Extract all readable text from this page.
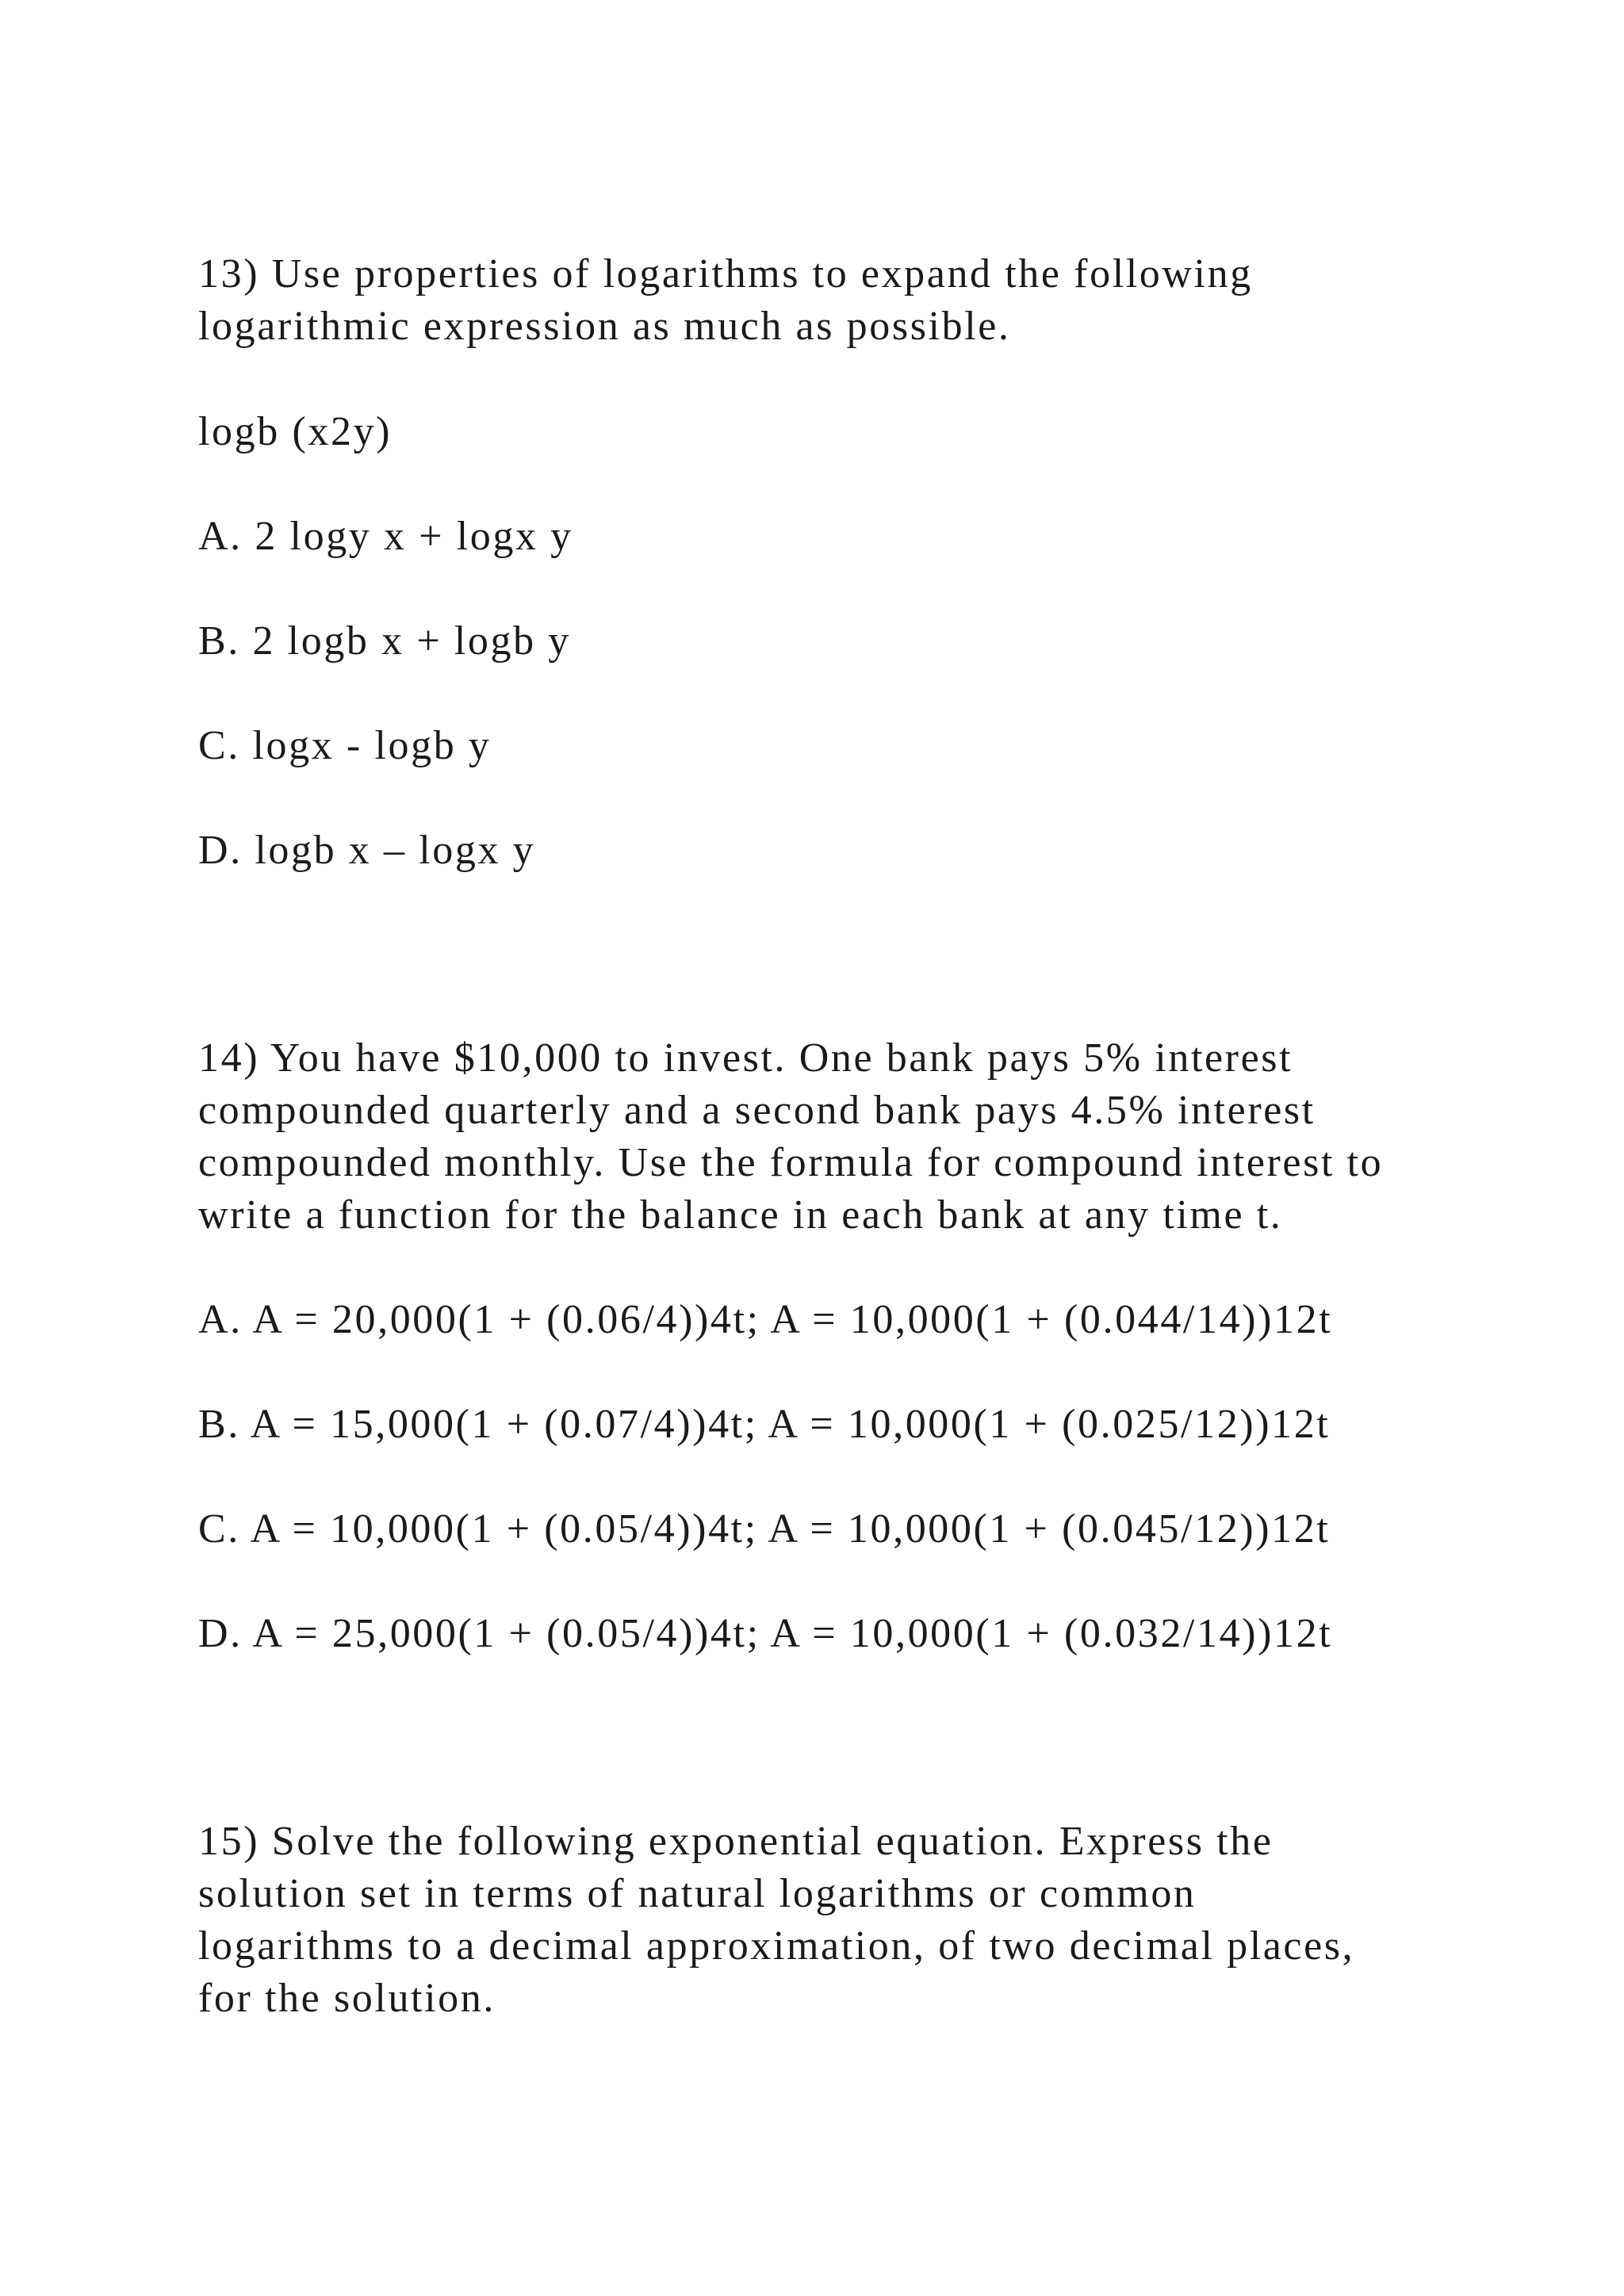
13) Use properties of logarithms to expand the following

logarithmic expression as much as possible.

logb (x2y)

A. 2 logy x + logx y

B. 2 logb x + logb y

C. logx - logb y

D. logb x – logx y

14) You have $10,000 to invest. One bank pays 5% interest

compounded quarterly and a second bank pays 4.5% interest

compounded monthly. Use the formula for compound interest to

write a function for the balance in each bank at any time t.

A. A = 20,000(1 + (0.06/4))4t; A = 10,000(1 + (0.044/14))12t

B. A = 15,000(1 + (0.07/4))4t; A = 10,000(1 + (0.025/12))12t

C. A = 10,000(1 + (0.05/4))4t; A = 10,000(1 + (0.045/12))12t

D. A = 25,000(1 + (0.05/4))4t; A = 10,000(1 + (0.032/14))12t

15) Solve the following exponential equation. Express the

solution set in terms of natural logarithms or common

logarithms to a decimal approximation, of two decimal places,

for the solution.
